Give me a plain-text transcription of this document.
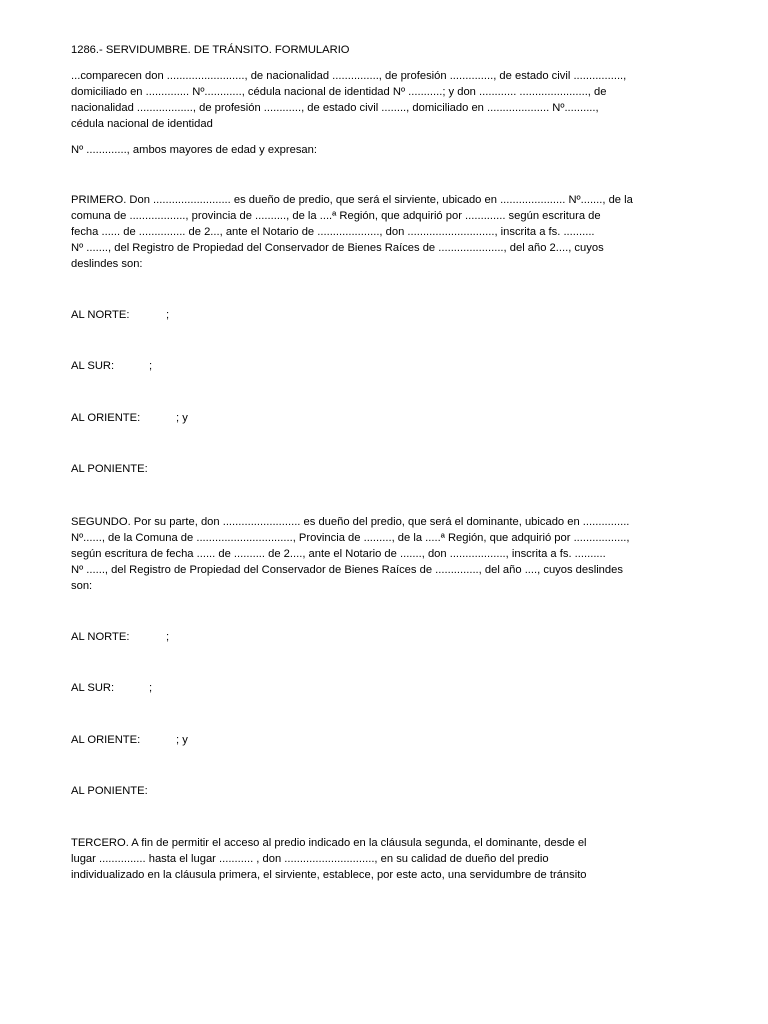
1286.- SERVIDUMBRE. DE TRÁNSITO. FORMULARIO

...comparecen don ........................., de nacionalidad ..............., de profesión .............., de estado civil ................,
domiciliado en .............. Nº............, cédula nacional de identidad Nº ...........; y don ............ ......................, de
nacionalidad .................., de profesión ............, de estado civil ........, domiciliado en .................... Nº..........,
cédula nacional de identidad

Nº ............., ambos mayores de edad y expresan:

PRIMERO. Don ......................... es dueño de predio, que será el sirviente, ubicado en ..................... Nº......., de la
comuna de .................., provincia de .........., de la ....ª Región, que adquirió por ............. según escritura de
fecha ...... de ............... de 2..., ante el Notario de ...................., don ............................, inscrita a fs. ..........
Nº ......., del Registro de Propiedad del Conservador de Bienes Raíces de ....................., del año 2...., cuyos
deslindes son:

AL NORTE:	;

AL SUR:	;

AL ORIENTE:	; y

AL PONIENTE:

SEGUNDO. Por su parte, don ......................... es dueño del predio, que será el dominante, ubicado en ...............
Nº......, de la Comuna de ..............................., Provincia de ........., de la .....ª Región, que adquirió por .................,
según escritura de fecha ...... de .......... de 2...., ante el Notario de ......., don .................., inscrita a fs. ..........
Nº ......, del Registro de Propiedad del Conservador de Bienes Raíces de .............., del año ...., cuyos deslindes
son:

AL NORTE:	;

AL SUR:	;

AL ORIENTE:	; y

AL PONIENTE:

TERCERO. A fin de permitir el acceso al predio indicado en la cláusula segunda, el dominante, desde el
lugar ............... hasta el lugar ........... , don ............................., en su calidad de dueño del predio
individualizado en la cláusula primera, el sirviente, establece, por este acto, una servidumbre de tránsito
